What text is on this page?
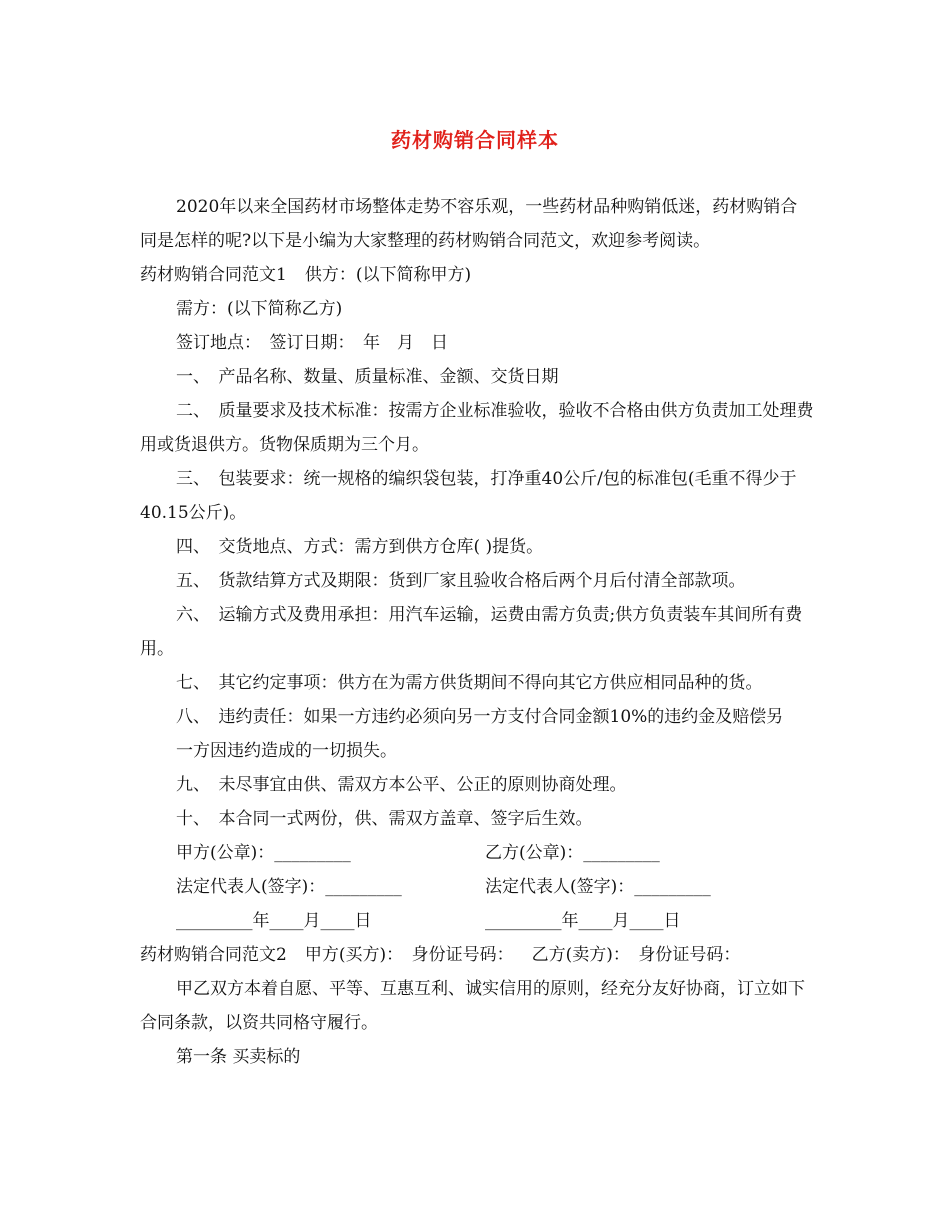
药材购销合同样本

2020年以来全国药材市场整体走势不容乐观，一些药材品种购销低迷，药材购销合同是怎样的呢?以下是小编为大家整理的药材购销合同范文，欢迎参考阅读。

药材购销合同范文1 供方：(以下简称甲方)

需方：(以下简称乙方)

签订地点：　签订日期：　年　月　日

一、　产品名称、数量、质量标准、金额、交货日期

二、　质量要求及技术标准：按需方企业标准验收，验收不合格由供方负责加工处理费用或货退供方。货物保质期为三个月。

三、　包装要求：统一规格的编织袋包装，打净重40公斤/包的标准包(毛重不得少于40.15公斤)。

四、　交货地点、方式：需方到供方仓库( )提货。

五、　货款结算方式及期限：货到厂家且验收合格后两个月后付清全部款项。

六、　运输方式及费用承担：用汽车运输，运费由需方负责;供方负责装车其间所有费用。

七、　其它约定事项：供方在为需方供货期间不得向其它方供应相同品种的货。

八、　违约责任：如果一方违约必须向另一方支付合同金额10%的违约金及赔偿另

一方因违约造成的一切损失。

九、　未尽事宜由供、需双方本公平、公正的原则协商处理。

十、　本合同一式两份，供、需双方盖章、签字后生效。

甲方(公章)：_________	乙方(公章)：_________
法定代表人(签字)：_________	法定代表人(签字)：_________
_________年____月____日	_________年____月____日

药材购销合同范文2 甲方(买方)：　身份证号码： 乙方(卖方)：　身份证号码：

甲乙双方本着自愿、平等、互惠互利、诚实信用的原则，经充分友好协商，订立如下合同条款，以资共同格守履行。

第一条 买卖标的
